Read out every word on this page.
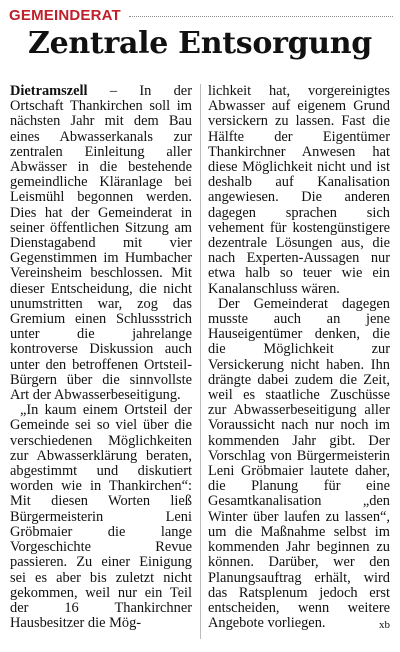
GEMEINDERAT
Zentrale Entsorgung

Dietramszell – In der Ortschaft Thankirchen soll im nächsten Jahr mit dem Bau eines Abwasserkanals zur zentralen Einleitung aller Abwässer in die bestehende gemeindliche Kläranlage bei Leismühl begonnen werden. Dies hat der Gemeinderat in seiner öffentlichen Sitzung am Dienstagabend mit vier Gegenstimmen im Humbacher Vereinsheim beschlossen. Mit dieser Entscheidung, die nicht unumstritten war, zog das Gremium einen Schlussstrich unter die jahrelange kontroverse Diskussion auch unter den betroffenen Ortsteil-Bürgern über die sinnvollste Art der Abwasserbeseitigung.

„In kaum einem Ortsteil der Gemeinde sei so viel über die verschiedenen Möglichkeiten zur Abwasserklärung beraten, abgestimmt und diskutiert worden wie in Thankirchen“: Mit diesen Worten ließ Bürgermeisterin Leni Gröbmaier die lange Vorgeschichte Revue passieren. Zu einer Einigung sei es aber bis zuletzt nicht gekommen, weil nur ein Teil der 16 Thankirchner Hausbesitzer die Mög-

lichkeit hat, vorgereinigtes Abwasser auf eigenem Grund versickern zu lassen. Fast die Hälfte der Eigentümer Thankirchner Anwesen hat diese Möglichkeit nicht und ist deshalb auf Kanalisation angewiesen. Die anderen dagegen sprachen sich vehement für kostengünstigere dezentrale Lösungen aus, die nach Experten-Aussagen nur etwa halb so teuer wie ein Kanalanschluss wären.

Der Gemeinderat dagegen musste auch an jene Hauseigentümer denken, die die Möglichkeit zur Versickerung nicht haben. Ihn drängte dabei zudem die Zeit, weil es staatliche Zuschüsse zur Abwasserbeseitigung aller Voraussicht nach nur noch im kommenden Jahr gibt. Der Vorschlag von Bürgermeisterin Leni Gröbmaier lautete daher, die Planung für eine Gesamtkanalisation „den Winter über laufen zu lassen“, um die Maßnahme selbst im kommenden Jahr beginnen zu können. Darüber, wer den Planungsauftrag erhält, wird das Ratsplenum jedoch erst entscheiden, wenn weitere Angebote vorliegen.	xb
